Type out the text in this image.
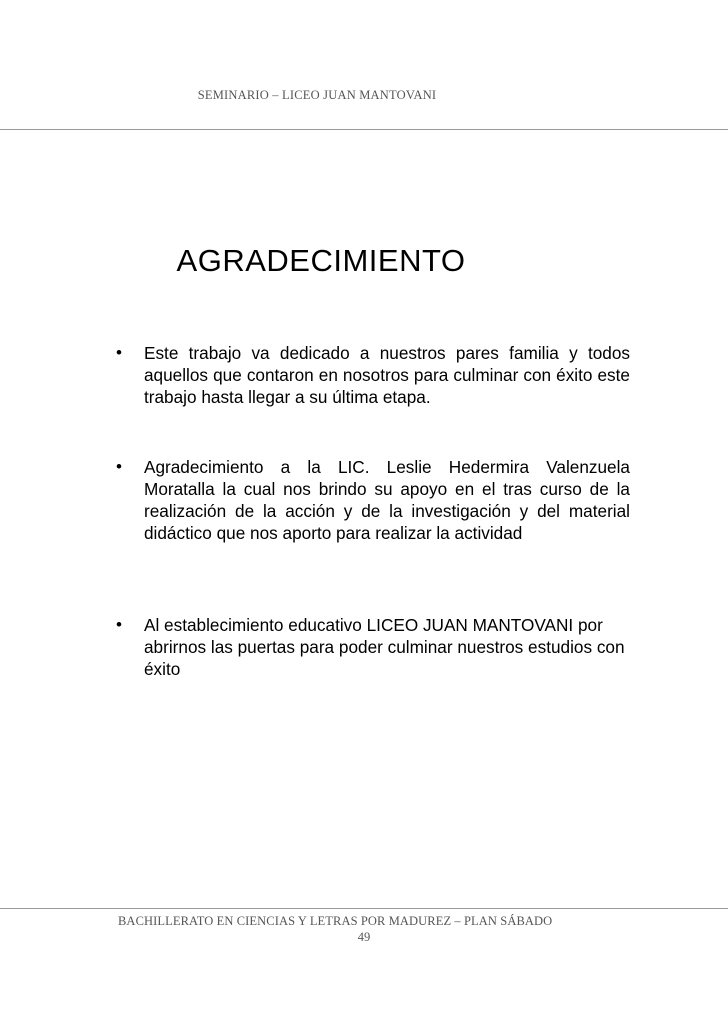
SEMINARIO – LICEO JUAN MANTOVANI
AGRADECIMIENTO
•	Este trabajo va dedicado a nuestros pares familia y todos aquellos que contaron en nosotros para culminar con éxito este trabajo hasta llegar a su última etapa.
•	Agradecimiento a la LIC. Leslie Hedermira Valenzuela Moratalla la cual nos brindo su apoyo en el tras curso de la realización de la acción y de la investigación y del material didáctico que nos aporto para realizar la actividad
•	Al establecimiento educativo LICEO JUAN MANTOVANI por abrirnos las puertas para poder culminar nuestros estudios con éxito
BACHILLERATO EN CIENCIAS Y LETRAS POR MADUREZ – PLAN SÁBADO
49
